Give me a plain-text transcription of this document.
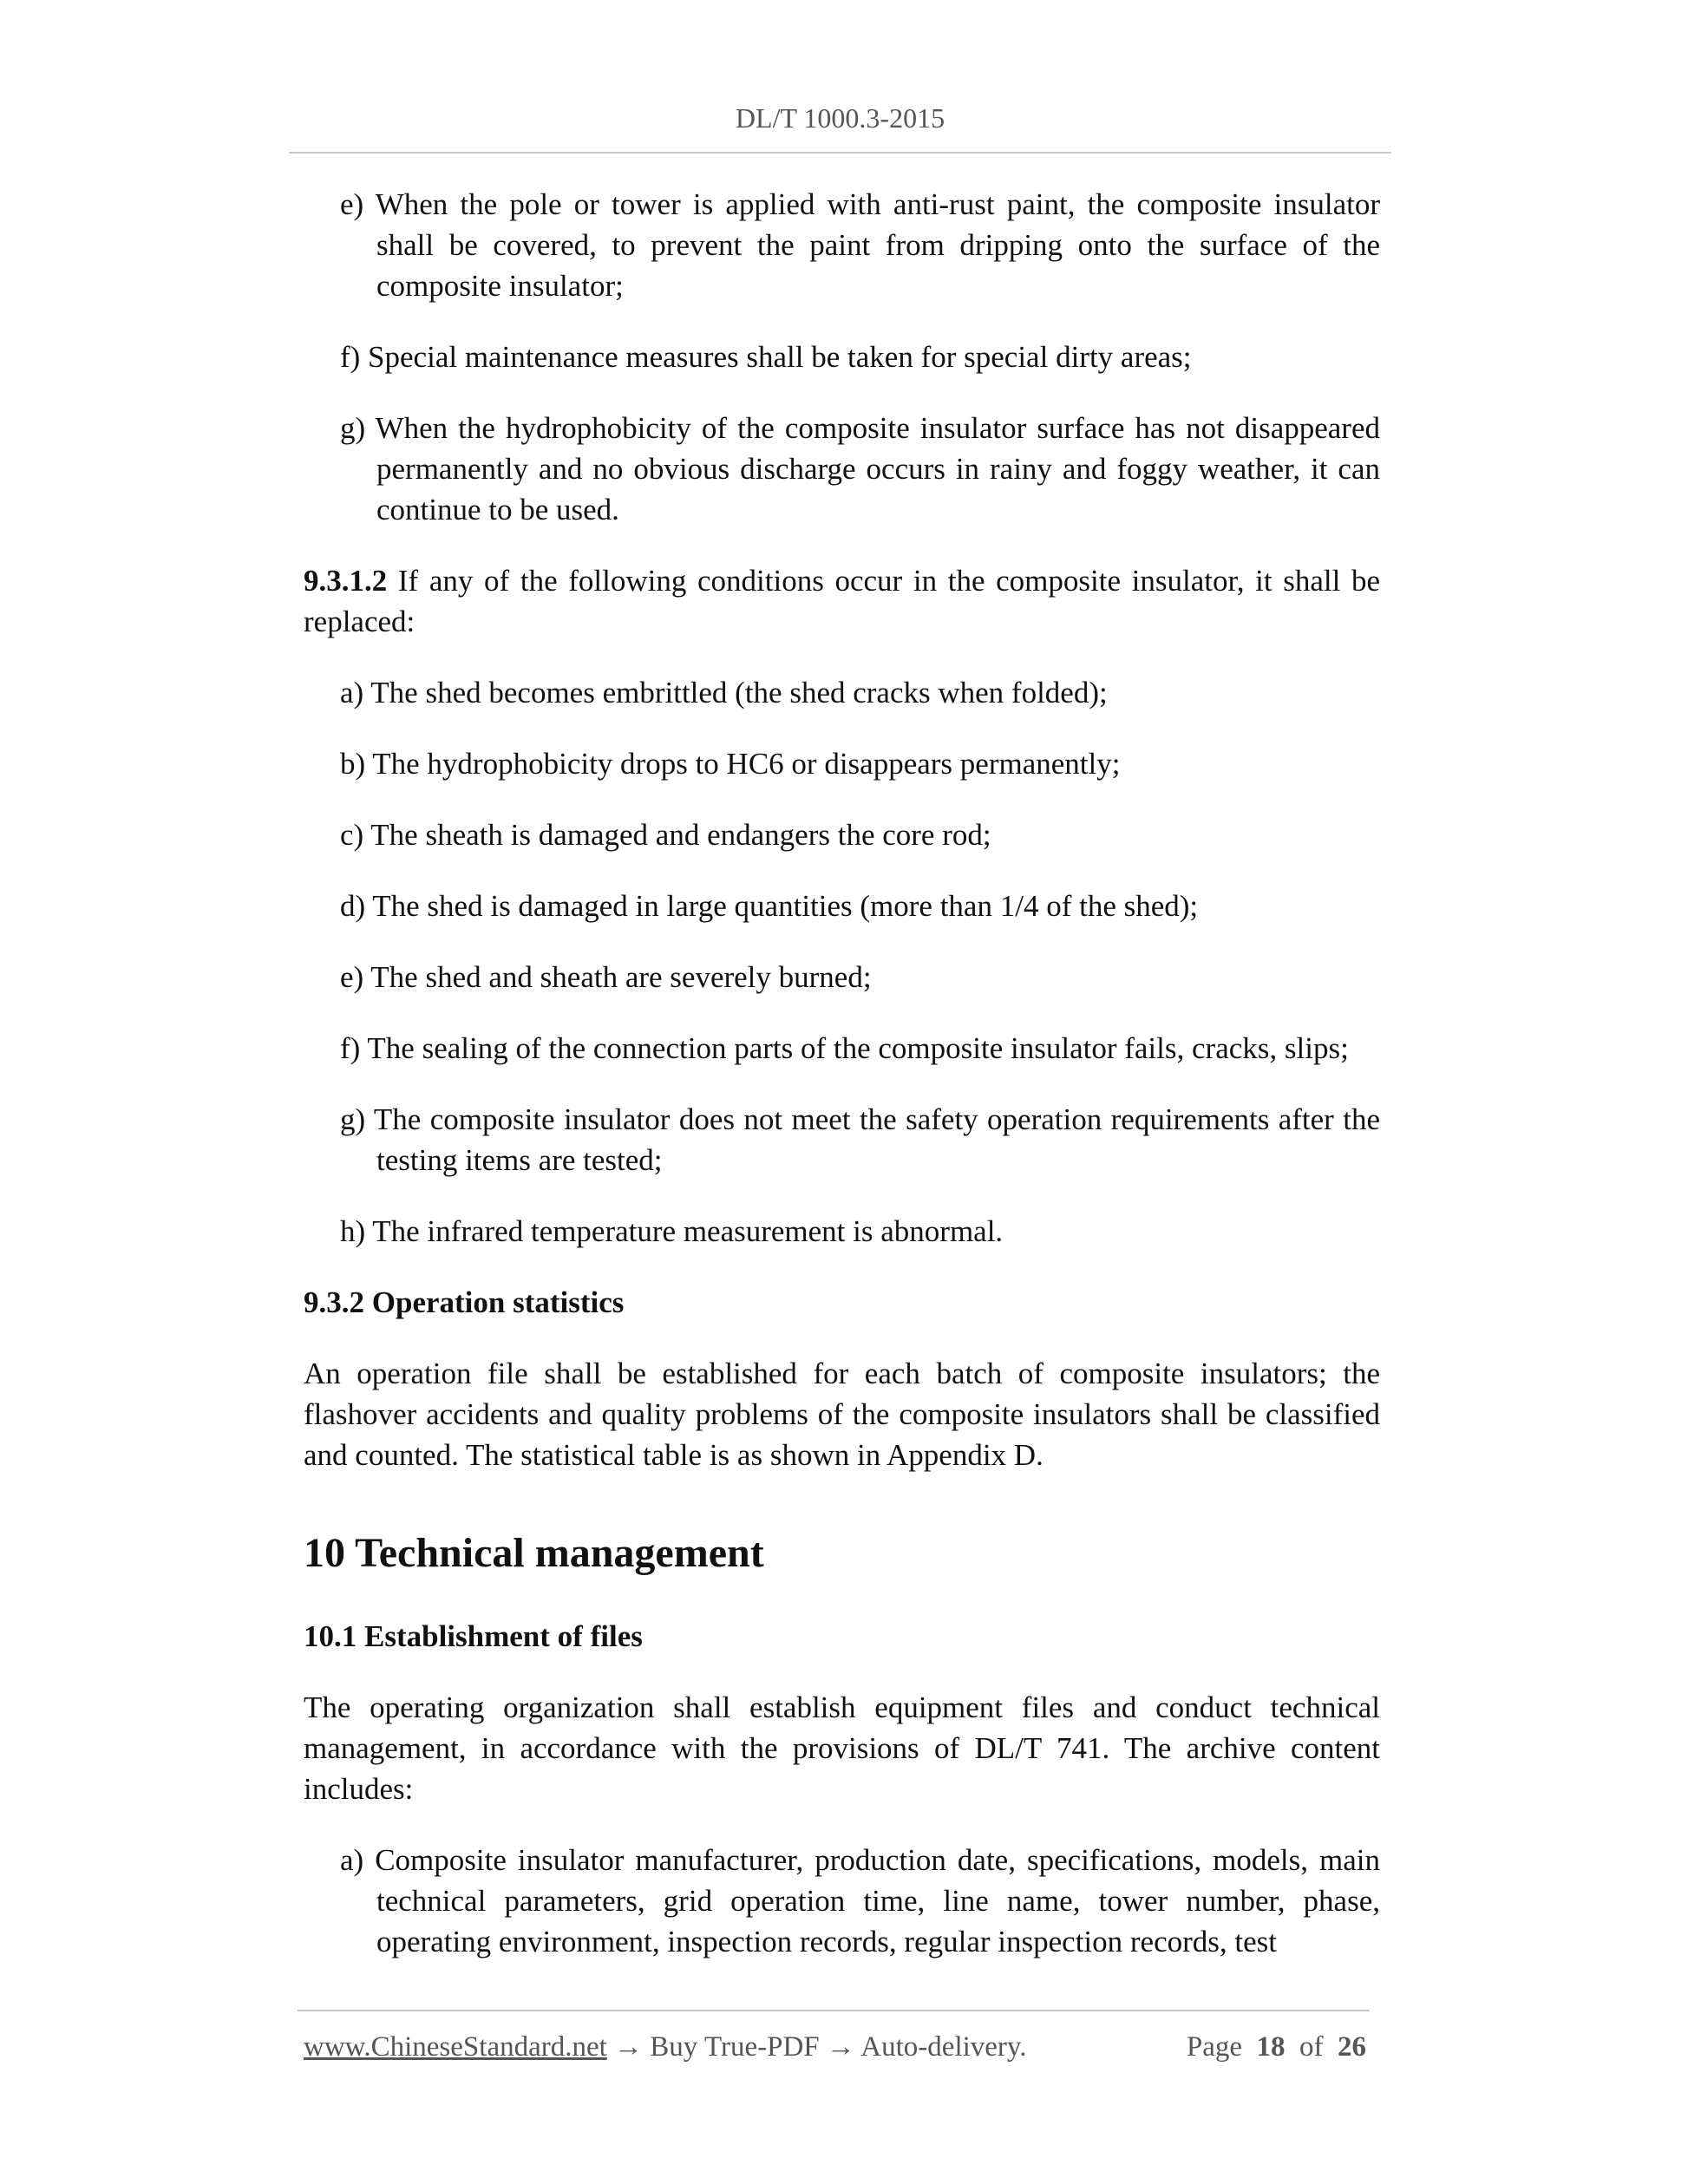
DL/T 1000.3-2015

e) When the pole or tower is applied with anti-rust paint, the composite insulator shall be covered, to prevent the paint from dripping onto the surface of the composite insulator;

f) Special maintenance measures shall be taken for special dirty areas;

g) When the hydrophobicity of the composite insulator surface has not disappeared permanently and no obvious discharge occurs in rainy and foggy weather, it can continue to be used.

9.3.1.2 If any of the following conditions occur in the composite insulator, it shall be replaced:

a) The shed becomes embrittled (the shed cracks when folded);

b) The hydrophobicity drops to HC6 or disappears permanently;

c) The sheath is damaged and endangers the core rod;

d) The shed is damaged in large quantities (more than 1/4 of the shed);

e) The shed and sheath are severely burned;

f) The sealing of the connection parts of the composite insulator fails, cracks, slips;

g) The composite insulator does not meet the safety operation requirements after the testing items are tested;

h) The infrared temperature measurement is abnormal.

9.3.2 Operation statistics

An operation file shall be established for each batch of composite insulators; the flashover accidents and quality problems of the composite insulators shall be classified and counted. The statistical table is as shown in Appendix D.

10 Technical management

10.1 Establishment of files

The operating organization shall establish equipment files and conduct technical management, in accordance with the provisions of DL/T 741. The archive content includes:

a) Composite insulator manufacturer, production date, specifications, models, main technical parameters, grid operation time, line name, tower number, phase, operating environment, inspection records, regular inspection records, test

www.ChineseStandard.net → Buy True-PDF → Auto-delivery.	Page 18 of 26
